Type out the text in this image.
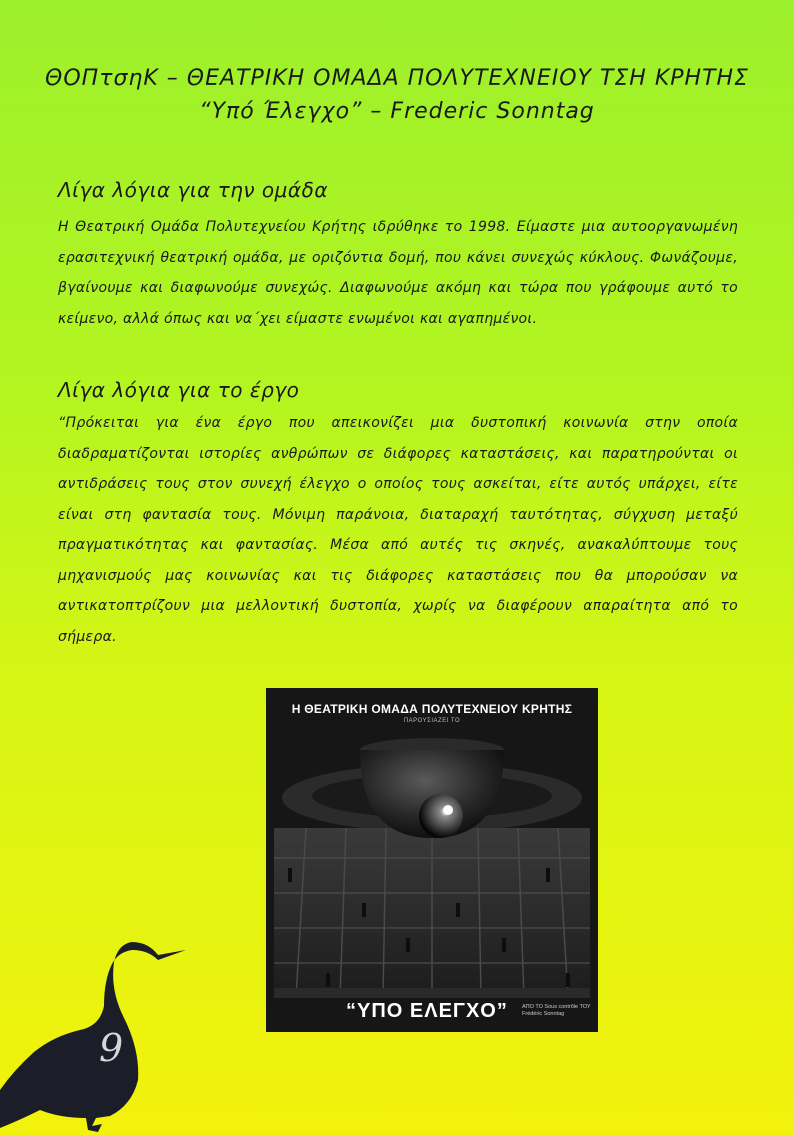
ΘΟΠτσηΚ – ΘΕΑΤΡΙΚΗ ΟΜΑΔΑ ΠΟΛΥΤΕΧΝΕΙΟΥ ΤΣΗ ΚΡΗΤΗΣ
“Υπό Έλεγχο” – Frederic Sonntag
Λίγα λόγια για την ομάδα
Η Θεατρική Ομάδα Πολυτεχνείου Κρήτης ιδρύθηκε το 1998. Είμαστε μια αυτοοργανωμένη ερασιτεχνική θεατρική ομάδα, με οριζόντια δομή, που κάνει συνεχώς κύκλους. Φωνάζουμε, βγαίνουμε και διαφωνούμε συνεχώς. Διαφωνούμε ακόμη και τώρα που γράφουμε αυτό το κείμενο, αλλά όπως και να΄χει είμαστε ενωμένοι και αγαπημένοι.
Λίγα λόγια για το έργο
“Πρόκειται για ένα έργο που απεικονίζει μια δυστοπική κοινωνία στην οποία διαδραματίζονται ιστορίες ανθρώπων σε διάφορες καταστάσεις, και παρατηρούνται οι αντιδράσεις τους στον συνεχή έλεγχο ο οποίος τους ασκείται, είτε αυτός υπάρχει, είτε είναι στη φαντασία τους. Μόνιμη παράνοια, διαταραχή ταυτότητας, σύγχυση μεταξύ πραγματικότητας και φαντασίας. Μέσα από αυτές τις σκηνές, ανακαλύπτουμε τους μηχανισμούς μας κοινωνίας και τις διάφορες καταστάσεις που θα μπορούσαν να αντικατοπτρίζουν μια μελλοντική δυστοπία, χωρίς να διαφέρουν απαραίτητα από το σήμερα.
Η ΘΕΑΤΡΙΚΗ ΟΜΑΔΑ ΠΟΛΥΤΕΧΝΕΙΟΥ ΚΡΗΤΗΣ
ΠΑΡΟΥΣΙΑΖΕΙ ΤΟ
“ΥΠΟ ΕΛΕΓΧΟ”	ΑΠΟ ΤΟ Sous contrôle ΤΟΥ Frédéric Sonntag
9
